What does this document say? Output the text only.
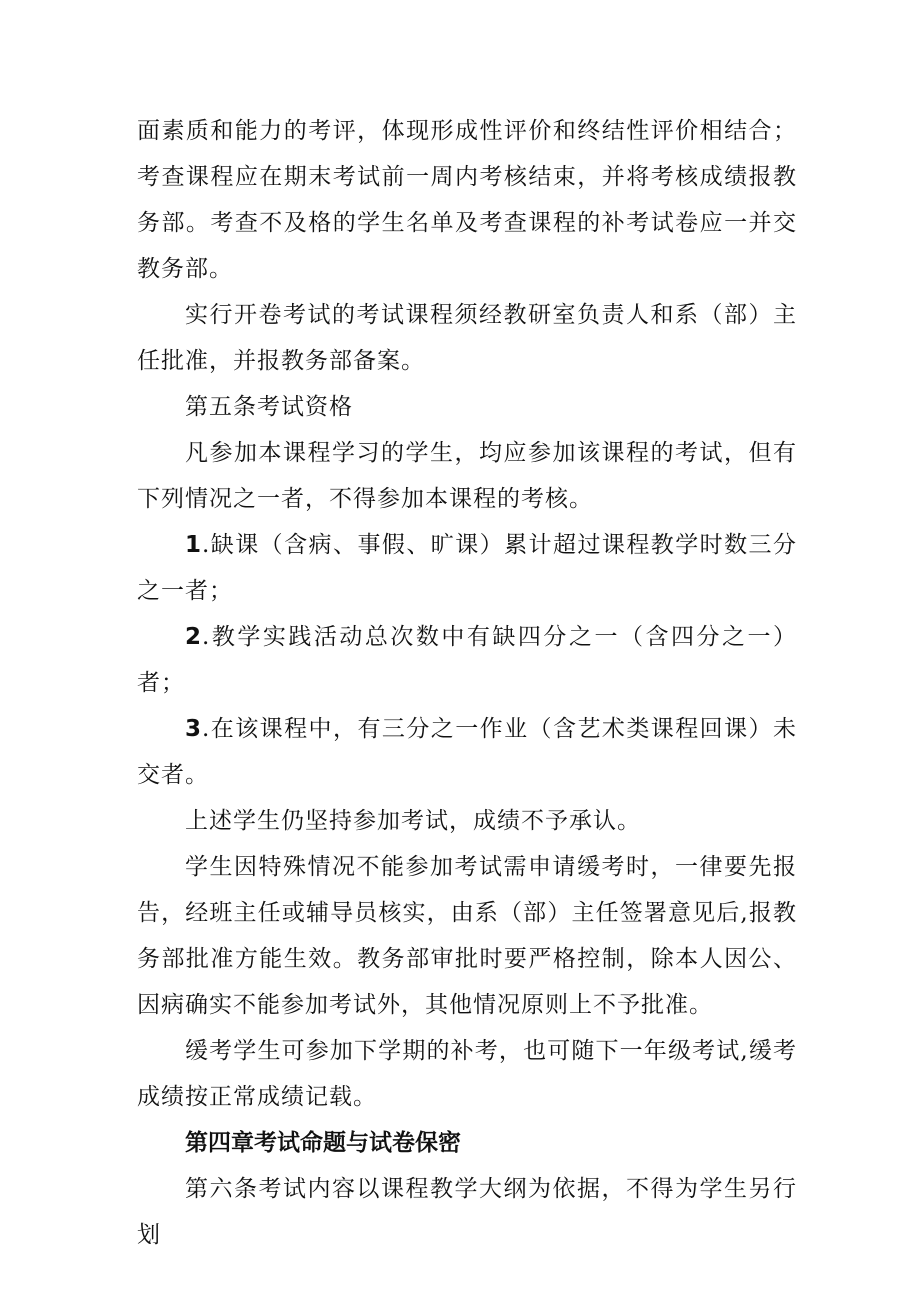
面素质和能力的考评，体现形成性评价和终结性评价相结合；考查课程应在期末考试前一周内考核结束，并将考核成绩报教务部。考查不及格的学生名单及考查课程的补考试卷应一并交教务部。

实行开卷考试的考试课程须经教研室负责人和系（部）主任批准，并报教务部备案。

第五条考试资格

凡参加本课程学习的学生，均应参加该课程的考试，但有下列情况之一者，不得参加本课程的考核。

1.缺课（含病、事假、旷课）累计超过课程教学时数三分之一者；

2.教学实践活动总次数中有缺四分之一（含四分之一）者；

3.在该课程中，有三分之一作业（含艺术类课程回课）未交者。

上述学生仍坚持参加考试，成绩不予承认。

学生因特殊情况不能参加考试需申请缓考时，一律要先报告，经班主任或辅导员核实，由系（部）主任签署意见后,报教务部批准方能生效。教务部审批时要严格控制，除本人因公、因病确实不能参加考试外，其他情况原则上不予批准。

缓考学生可参加下学期的补考，也可随下一年级考试,缓考成绩按正常成绩记载。

第四章考试命题与试卷保密

第六条考试内容以课程教学大纲为依据，不得为学生另行划
